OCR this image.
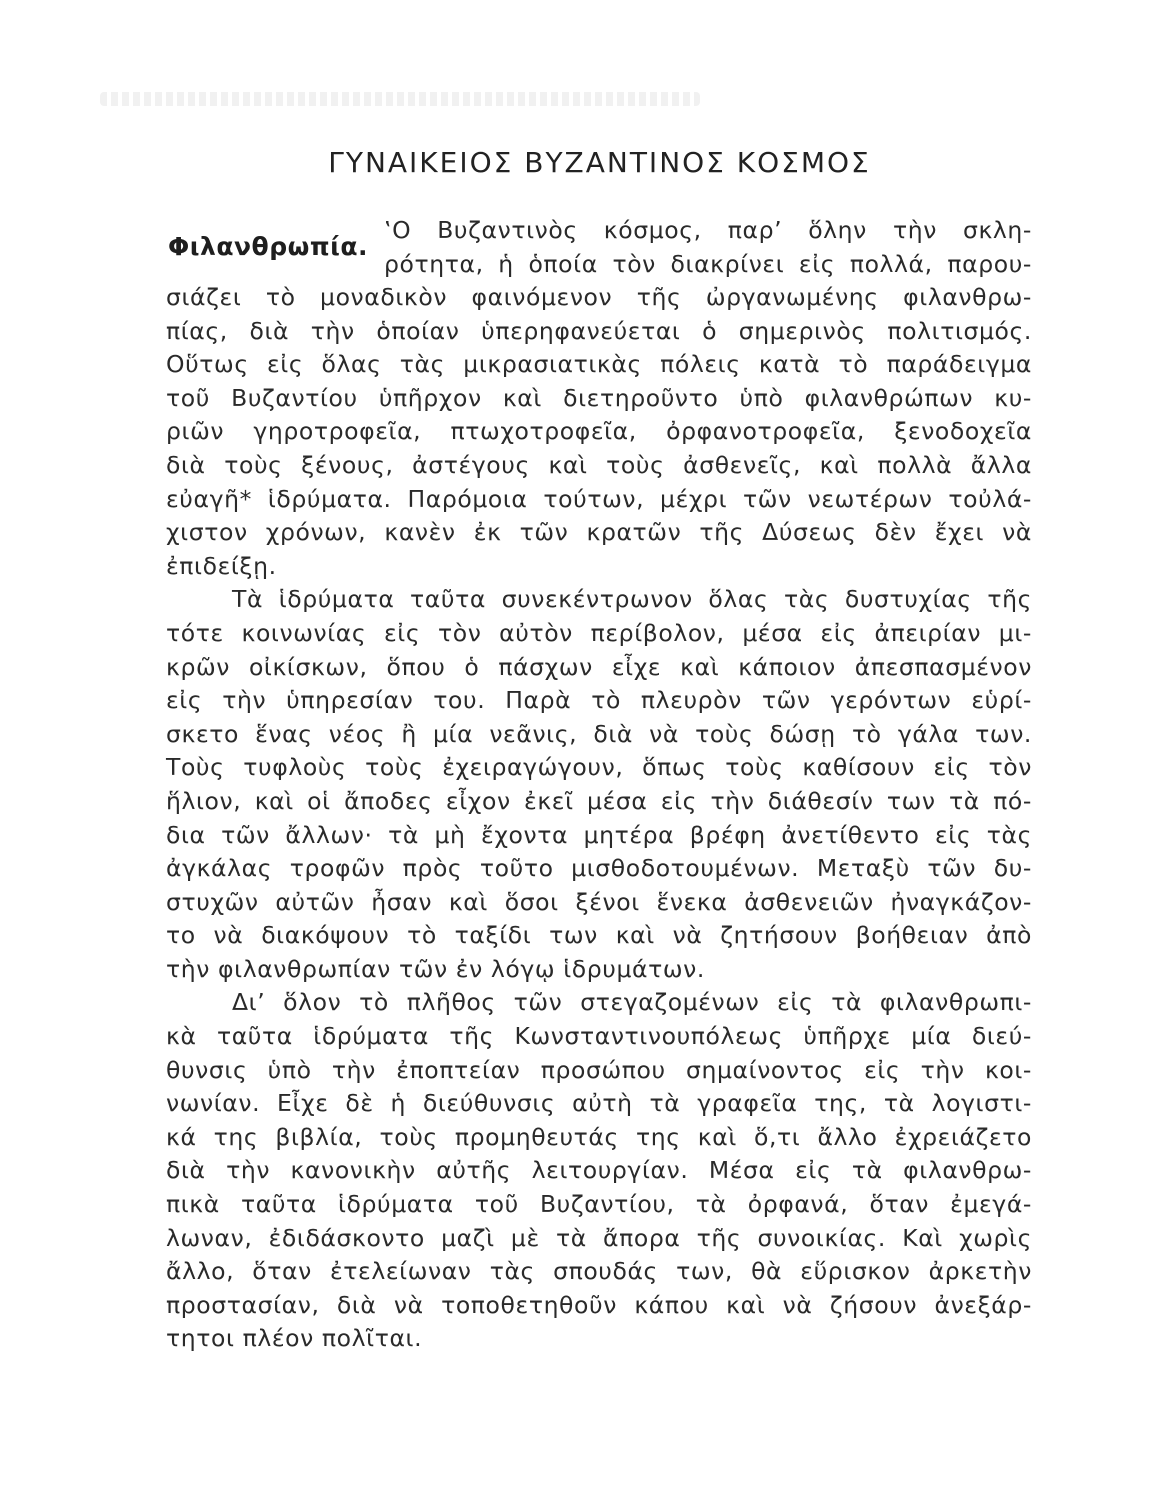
ΓΥΝΑΙΚΕΙΟΣ ΒΥΖΑΝΤΙΝΟΣ ΚΟΣΜΟΣ
Φιλανθρωπία.

‛Ο Βυζαντινὸς κόσμος, παρ’ ὅλην τὴν σκλη-
ρότητα, ἡ ὁποία τὸν διακρίνει εἰς πολλά, παρου-

σιάζει τὸ μοναδικὸν φαινόμενον τῆς ὠργανωμένης φιλανθρω-
πίας, διὰ τὴν ὁποίαν ὑπερηφανεύεται ὁ σημερινὸς πολιτισμός.
Οὕτως εἰς ὅλας τὰς μικρασιατικὰς πόλεις κατὰ τὸ παράδειγμα
τοῦ Βυζαντίου ὑπῆρχον καὶ διετηροῦντο ὑπὸ φιλανθρώπων κυ-
ριῶν γηροτροφεῖα, πτωχοτροφεῖα, ὀρφανοτροφεῖα, ξενοδοχεῖα
διὰ τοὺς ξένους, ἀστέγους καὶ τοὺς ἀσθενεῖς, καὶ πολλὰ ἄλλα
εὐαγῆ* ἱδρύματα. Παρόμοια τούτων, μέχρι τῶν νεωτέρων τοὐλά-
χιστον χρόνων, κανὲν ἐκ τῶν κρατῶν τῆς Δύσεως δὲν ἔχει νὰ
ἐπιδείξῃ.
Τὰ ἱδρύματα ταῦτα συνεκέντρωνον ὅλας τὰς δυστυχίας τῆς
τότε κοινωνίας εἰς τὸν αὐτὸν περίβολον, μέσα εἰς ἀπειρίαν μι-
κρῶν οἰκίσκων, ὅπου ὁ πάσχων εἶχε καὶ κάποιον ἀπεσπασμένον
εἰς τὴν ὑπηρεσίαν του. Παρὰ τὸ πλευρὸν τῶν γερόντων εὑρί-
σκετο ἕνας νέος ἢ μία νεᾶνις, διὰ νὰ τοὺς δώσῃ τὸ γάλα των.
Τοὺς τυφλοὺς τοὺς ἐχειραγώγουν, ὅπως τοὺς καθίσουν εἰς τὸν
ἥλιον, καὶ οἱ ἄποδες εἶχον ἐκεῖ μέσα εἰς τὴν διάθεσίν των τὰ πό-
δια τῶν ἄλλων· τὰ μὴ ἔχοντα μητέρα βρέφη ἀνετίθεντο εἰς τὰς
ἀγκάλας τροφῶν πρὸς τοῦτο μισθοδοτουμένων. Μεταξὺ τῶν δυ-
στυχῶν αὐτῶν ἦσαν καὶ ὅσοι ξένοι ἕνεκα ἀσθενειῶν ἠναγκάζον-
το νὰ διακόψουν τὸ ταξίδι των καὶ νὰ ζητήσουν βοήθειαν ἀπὸ
τὴν φιλανθρωπίαν τῶν ἐν λόγῳ ἱδρυμάτων.
Δι’ ὅλον τὸ πλῆθος τῶν στεγαζομένων εἰς τὰ φιλανθρωπι-
κὰ ταῦτα ἱδρύματα τῆς Κωνσταντινουπόλεως ὑπῆρχε μία διεύ-
θυνσις ὑπὸ τὴν ἐποπτείαν προσώπου σημαίνοντος εἰς τὴν κοι-
νωνίαν. Εἶχε δὲ ἡ διεύθυνσις αὐτὴ τὰ γραφεῖα της, τὰ λογιστι-
κά της βιβλία, τοὺς προμηθευτάς της καὶ ὅ,τι ἄλλο ἐχρειάζετο
διὰ τὴν κανονικὴν αὐτῆς λειτουργίαν. Μέσα εἰς τὰ φιλανθρω-
πικὰ ταῦτα ἱδρύματα τοῦ Βυζαντίου, τὰ ὀρφανά, ὅταν ἐμεγά-
λωναν, ἐδιδάσκοντο μαζὶ μὲ τὰ ἄπορα τῆς συνοικίας. Καὶ χωρὶς
ἄλλο, ὅταν ἐτελείωναν τὰς σπουδάς των, θὰ εὕρισκον ἀρκετὴν
προστασίαν, διὰ νὰ τοποθετηθοῦν κάπου καὶ νὰ ζήσουν ἀνεξάρ-
τητοι πλέον πολῖται.
